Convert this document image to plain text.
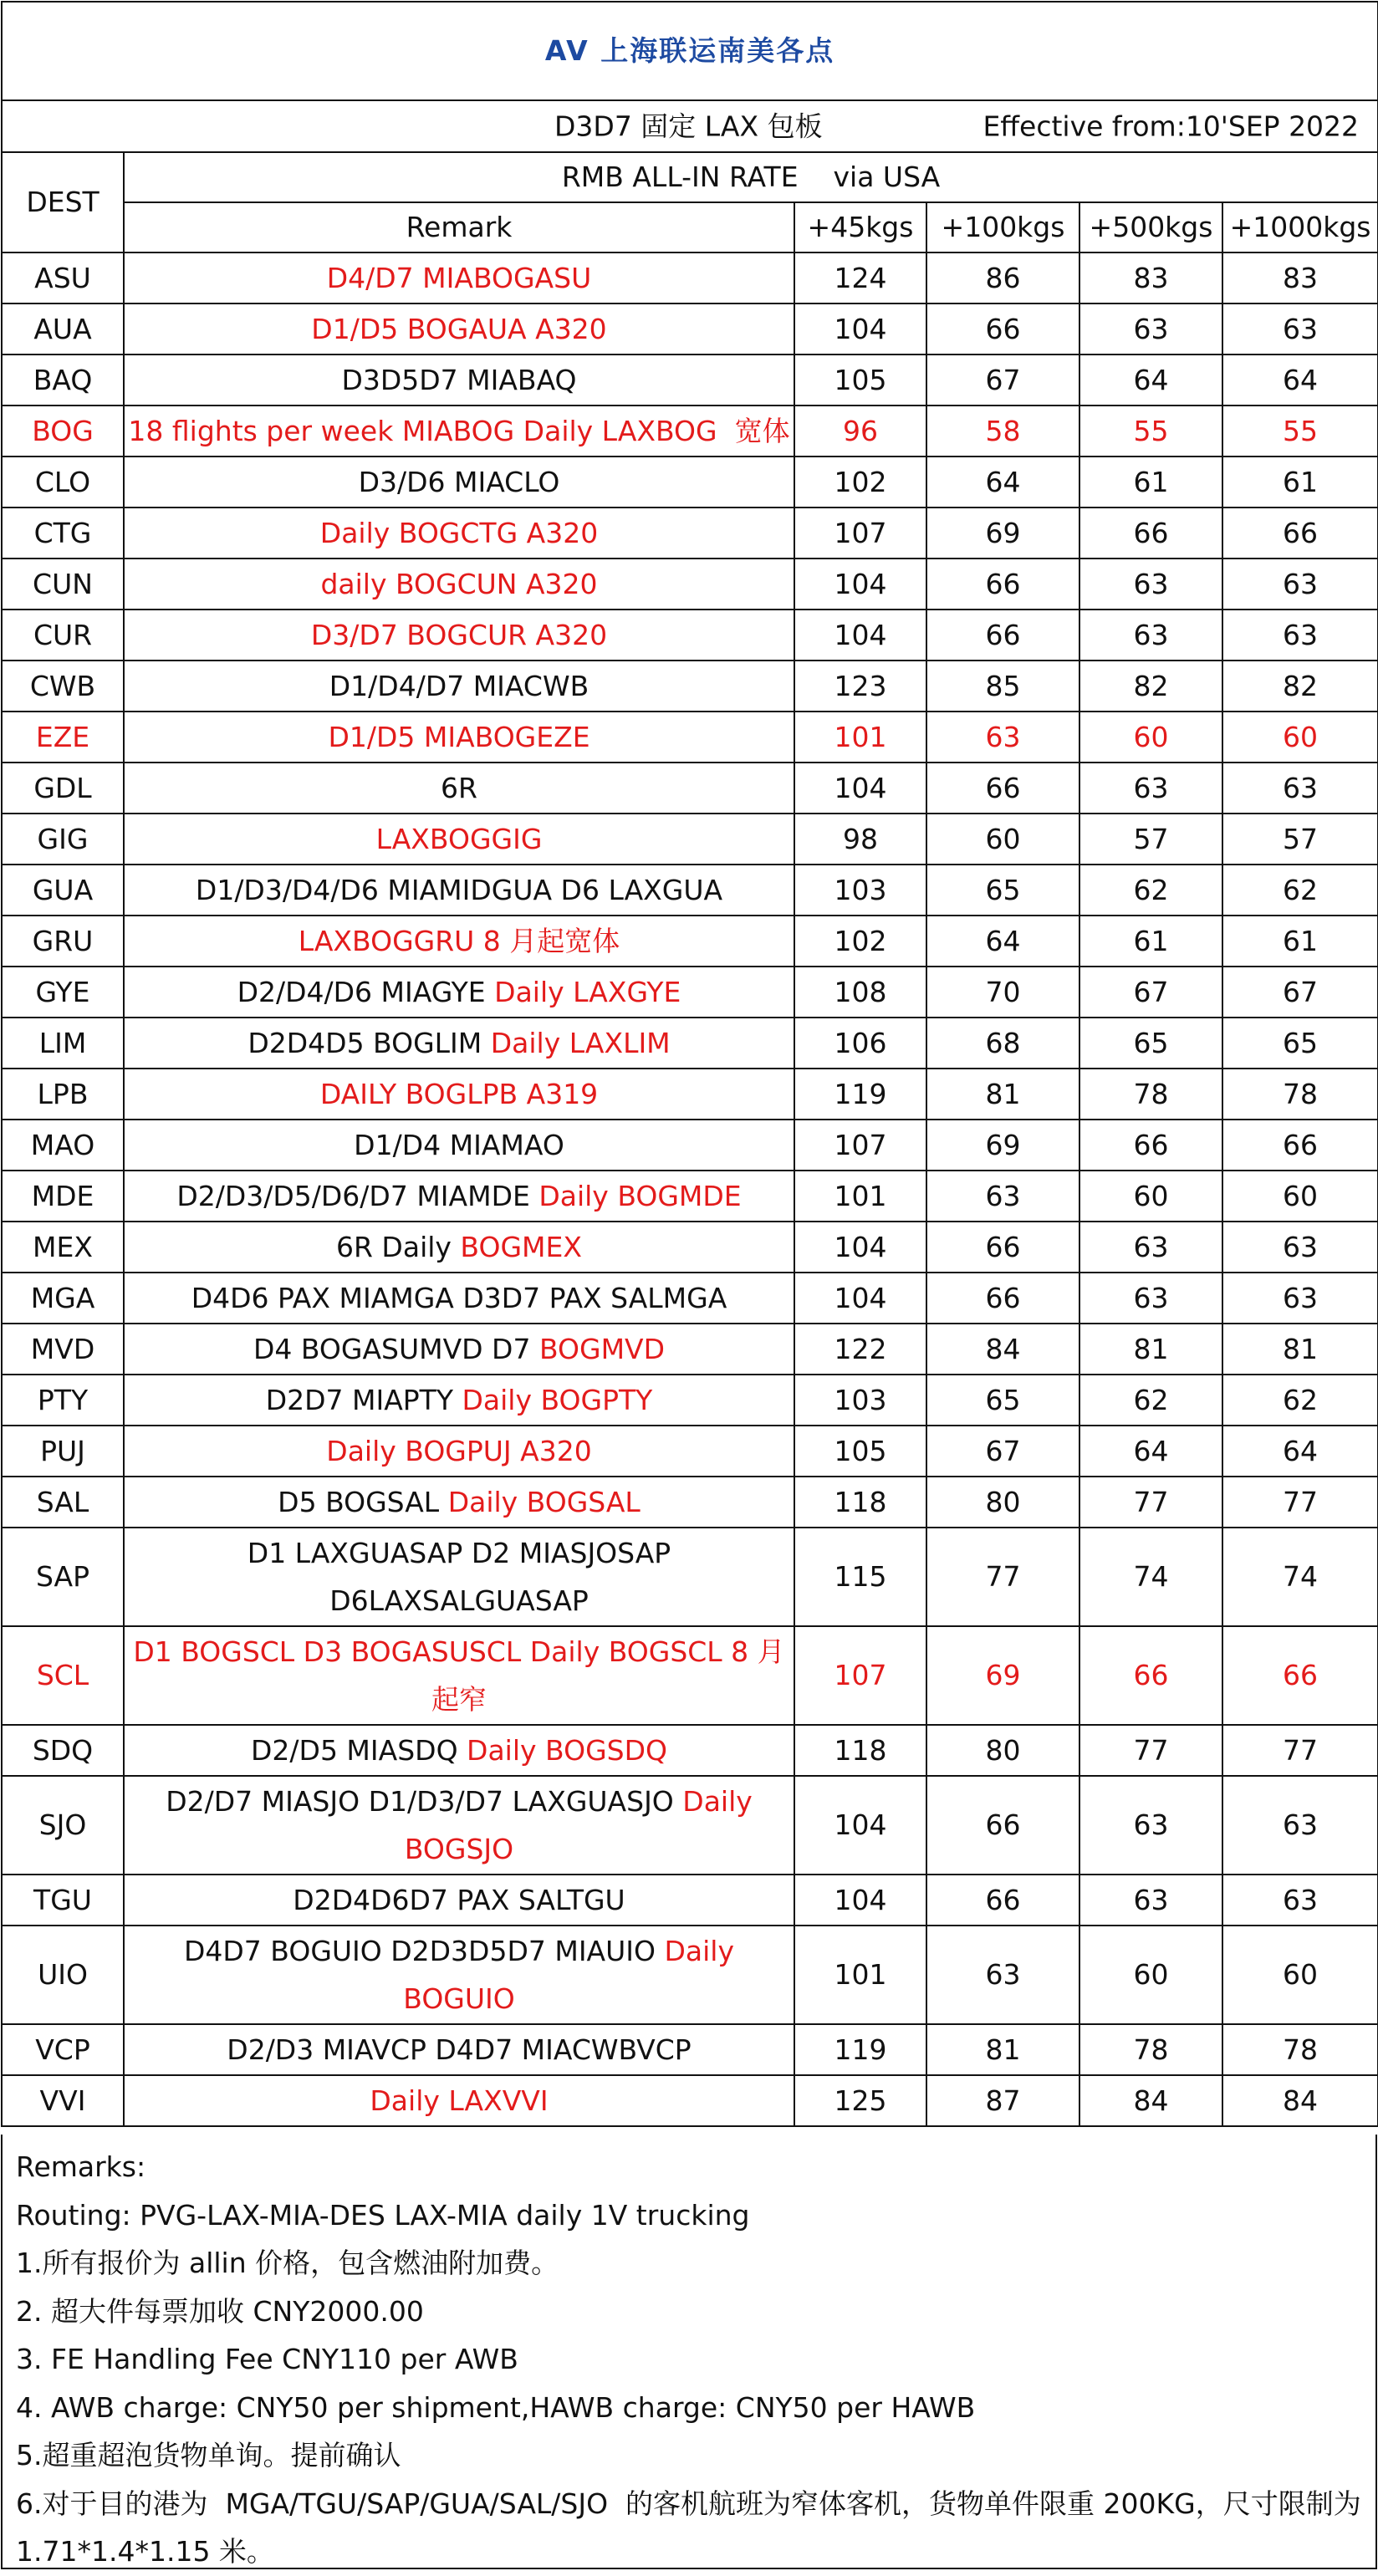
AV 上海联运南美各点					

D3D7 固定 LAX 包板 Effective from:10'SEP 2022					

DEST	RMB ALL-IN RATE    via USA				
	Remark	+45kgs	+100kgs	+500kgs	+1000kgs
ASU	D4/D7 MIABOGASU	124	86	83	83
AUA	D1/D5 BOGAUA A320	104	66	63	63
BAQ	D3D5D7 MIABAQ	105	67	64	64
BOG	18 flights per week MIABOG Daily LAXBOG  宽体	96	58	55	55
CLO	D3/D6 MIACLO	102	64	61	61
CTG	Daily BOGCTG A320	107	69	66	66
CUN	daily BOGCUN A320	104	66	63	63
CUR	D3/D7 BOGCUR A320	104	66	63	63
CWB	D1/D4/D7 MIACWB	123	85	82	82
EZE	D1/D5 MIABOGEZE	101	63	60	60
GDL	6R	104	66	63	63
GIG	LAXBOGGIG	98	60	57	57
GUA	D1/D3/D4/D6 MIAMIDGUA D6 LAXGUA	103	65	62	62
GRU	LAXBOGGRU 8 月起宽体	102	64	61	61
GYE	D2/D4/D6 MIAGYE Daily LAXGYE	108	70	67	67
LIM	D2D4D5 BOGLIM Daily LAXLIM	106	68	65	65
LPB	DAILY BOGLPB A319	119	81	78	78
MAO	D1/D4 MIAMAO	107	69	66	66
MDE	D2/D3/D5/D6/D7 MIAMDE Daily BOGMDE	101	63	60	60
MEX	6R Daily BOGMEX	104	66	63	63
MGA	D4D6 PAX MIAMGA D3D7 PAX SALMGA	104	66	63	63
MVD	D4 BOGASUMVD D7 BOGMVD	122	84	81	81
PTY	D2D7 MIAPTY Daily BOGPTY	103	65	62	62
PUJ	Daily BOGPUJ A320	105	67	64	64
SAL	D5 BOGSAL Daily BOGSAL	118	80	77	77
SAP	D1 LAXGUASAP D2 MIASJOSAP D6LAXSALGUASAP	115	77	74	74
SCL	D1 BOGSCL D3 BOGASUSCL Daily BOGSCL 8 月起窄	107	69	66	66
SDQ	D2/D5 MIASDQ Daily BOGSDQ	118	80	77	77
SJO	D2/D7 MIASJO D1/D3/D7 LAXGUASJO Daily BOGSJO	104	66	63	63
TGU	D2D4D6D7 PAX SALTGU	104	66	63	63
UIO	D4D7 BOGUIO D2D3D5D7 MIAUIO Daily BOGUIO	101	63	60	60
VCP	D2/D3 MIAVCP D4D7 MIACWBVCP	119	81	78	78
VVI	Daily LAXVVI	125	87	84	84
Remarks:
Routing: PVG-LAX-MIA-DES LAX-MIA daily 1V trucking
1.所有报价为 allin 价格，包含燃油附加费。
2. 超大件每票加收 CNY2000.00
3. FE Handling Fee CNY110 per AWB
4. AWB charge: CNY50 per shipment,HAWB charge: CNY50 per HAWB
5.超重超泡货物单询。提前确认
6.对于目的港为  MGA/TGU/SAP/GUA/SAL/SJO  的客机航班为窄体客机，货物单件限重 200KG，尺寸限制为 1.71*1.4*1.15 米。
